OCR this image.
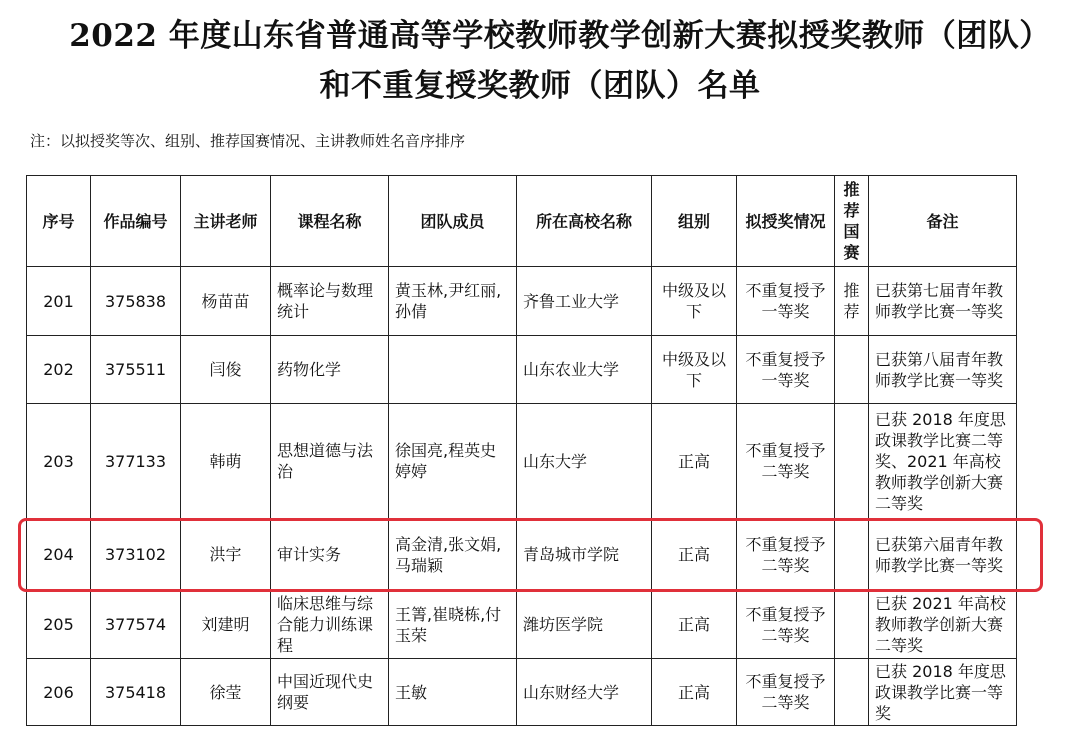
2022 年度山东省普通高等学校教师教学创新大赛拟授奖教师（团队）
和不重复授奖教师（团队）名单
注：以拟授奖等次、组别、推荐国赛情况、主讲教师姓名音序排序
序号	作品编号	主讲老师	课程名称	团队成员	所在高校名称	组别	拟授奖情况	推荐国赛	备注
201	375838	杨苗苗	概率论与数理统计	黄玉林,尹红丽,孙倩	齐鲁工业大学	中级及以下	不重复授予一等奖	推荐	已获第七届青年教师教学比赛一等奖
202	375511	闫俊	药物化学		山东农业大学	中级及以下	不重复授予一等奖		已获第八届青年教师教学比赛一等奖
203	377133	韩萌	思想道德与法治	徐国亮,程英史婷婷	山东大学	正高	不重复授予二等奖		已获 2018 年度思政课教学比赛二等奖、2021 年高校教师教学创新大赛二等奖
204	373102	洪宇	审计实务	高金清,张文娟,马瑞颖	青岛城市学院	正高	不重复授予二等奖		已获第六届青年教师教学比赛一等奖
205	377574	刘建明	临床思维与综合能力训练课程	王箐,崔晓栋,付玉荣	潍坊医学院	正高	不重复授予二等奖		已获 2021 年高校教师教学创新大赛二等奖
206	375418	徐莹	中国近现代史纲要	王敏	山东财经大学	正高	不重复授予二等奖		已获 2018 年度思政课教学比赛一等奖
